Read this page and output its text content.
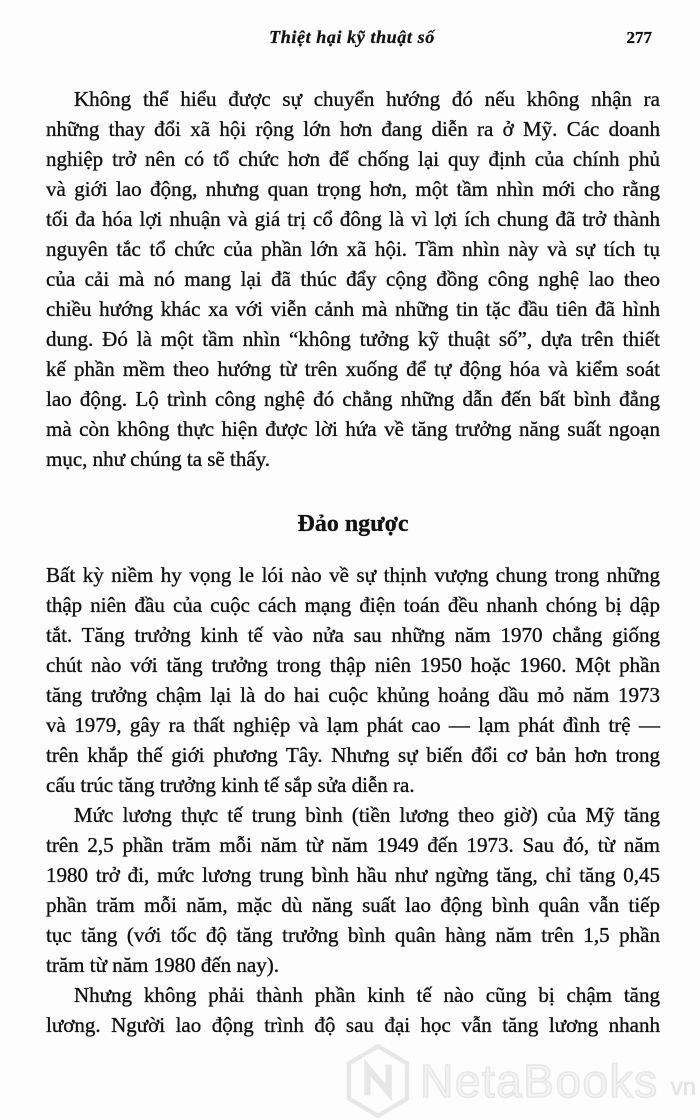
Thiệt hại kỹ thuật số	277
Không thể hiểu được sự chuyển hướng đó nếu không nhận ra
những thay đổi xã hội rộng lớn hơn đang diễn ra ở Mỹ. Các doanh
nghiệp trở nên có tổ chức hơn để chống lại quy định của chính phủ
và giới lao động, nhưng quan trọng hơn, một tầm nhìn mới cho rằng
tối đa hóa lợi nhuận và giá trị cổ đông là vì lợi ích chung đã trở thành
nguyên tắc tổ chức của phần lớn xã hội. Tầm nhìn này và sự tích tụ
của cải mà nó mang lại đã thúc đẩy cộng đồng công nghệ lao theo
chiều hướng khác xa với viễn cảnh mà những tin tặc đầu tiên đã hình
dung. Đó là một tầm nhìn “không tưởng kỹ thuật số”, dựa trên thiết
kế phần mềm theo hướng từ trên xuống để tự động hóa và kiểm soát
lao động. Lộ trình công nghệ đó chẳng những dẫn đến bất bình đẳng
mà còn không thực hiện được lời hứa về tăng trưởng năng suất ngoạn
mục, như chúng ta sẽ thấy.
Đảo ngược
Bất kỳ niềm hy vọng le lói nào về sự thịnh vượng chung trong những
thập niên đầu của cuộc cách mạng điện toán đều nhanh chóng bị dập
tắt. Tăng trưởng kinh tế vào nửa sau những năm 1970 chẳng giống
chút nào với tăng trưởng trong thập niên 1950 hoặc 1960. Một phần
tăng trưởng chậm lại là do hai cuộc khủng hoảng dầu mỏ năm 1973
và 1979, gây ra thất nghiệp và lạm phát cao — lạm phát đình trệ —
trên khắp thế giới phương Tây. Nhưng sự biến đổi cơ bản hơn trong
cấu trúc tăng trưởng kinh tế sắp sửa diễn ra.
Mức lương thực tế trung bình (tiền lương theo giờ) của Mỹ tăng
trên 2,5 phần trăm mỗi năm từ năm 1949 đến 1973. Sau đó, từ năm
1980 trở đi, mức lương trung bình hầu như ngừng tăng, chỉ tăng 0,45
phần trăm mỗi năm, mặc dù năng suất lao động bình quân vẫn tiếp
tục tăng (với tốc độ tăng trưởng bình quân hàng năm trên 1,5 phần
trăm từ năm 1980 đến nay).
Nhưng không phải thành phần kinh tế nào cũng bị chậm tăng
lương. Người lao động trình độ sau đại học vẫn tăng lương nhanh
NetaBooks vn
